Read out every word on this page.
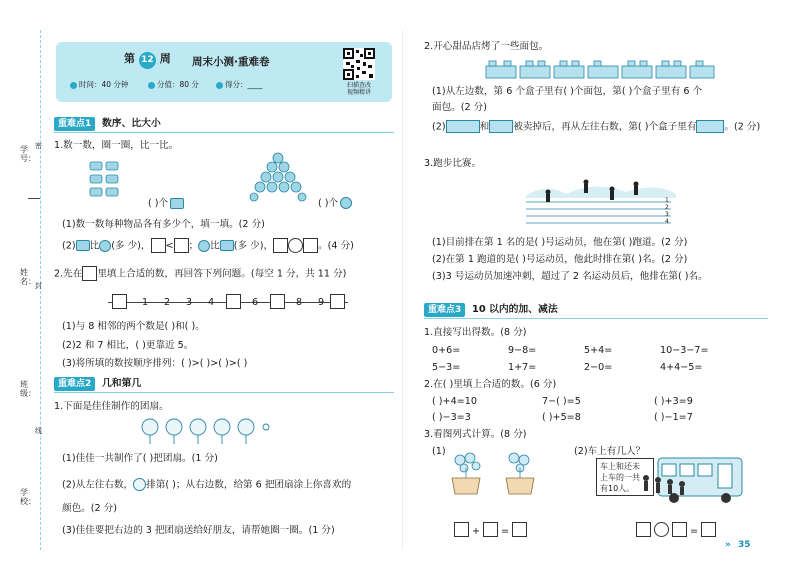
学号：
姓名：
班级：
学校：
密
封
线
第 12 周 周末小测·重难卷
时间：40 分钟	分值：80 分	得分：____	扫描查改
视频精讲
重难点1	数序、比大小
1.数一数，圈一圈，比一比。
( )个	( )个
(1)数一数每种物品各有多少个，填一填。(2 分)
(2) 比 (多 少)， < ； 比 (多 少)，	。(4 分)
2.先在 里填上合适的数，再回答下列问题。(每空 1 分，共 11 分)
1 2 3 4	6	8 9
(1)与 8 相邻的两个数是( )和( )。
(2)2 和 7 相比，( )更靠近 5。
(3)将所填的数按顺序排列：( )>( )>( )>( )
重难点2	几和第几
1.下面是佳佳制作的团扇。
(1)佳佳一共制作了( )把团扇。(1 分)
(2)从左往右数， 排第( )；从右边数，给第 6 把团扇涂上你喜欢的
颜色。(2 分)
(3)佳佳要把右边的 3 把团扇送给好朋友，请帮她圈一圈。(1 分)
2.开心甜品店烤了一些面包。
(1)从左边数，第 6 个盒子里有( )个面包，第( )个盒子里有 6 个
面包。(2 分)
(2)	和	被卖掉后，再从左往右数，第( )个盒子里有	。(2 分)
3.跑步比赛。
1
2
3
4
(1)目前排在第 1 名的是( )号运动员，他在第( )跑道。(2 分)
(2)在第 1 跑道的是( )号运动员，他此时排在第( )名。(2 分)
(3)3 号运动员加速冲刺，超过了 2 名运动员后，他排在第( )名。
重难点3	10 以内的加、减法
1.直接写出得数。(8 分)
0+6=	9−8=	5+4=	10−3−7=
5−3=	1+7=	2−0=	4+4−5=
2.在( )里填上合适的数。(6 分)
( )+4=10	7−( )=5	( )+3=9
( )−3=3	( )+5=8	( )−1=7
3.看图列式计算。(8 分)
(1)	(2)车上有几人？
车上和还未
上车的一共
有10人。
+ =	=
» 35
